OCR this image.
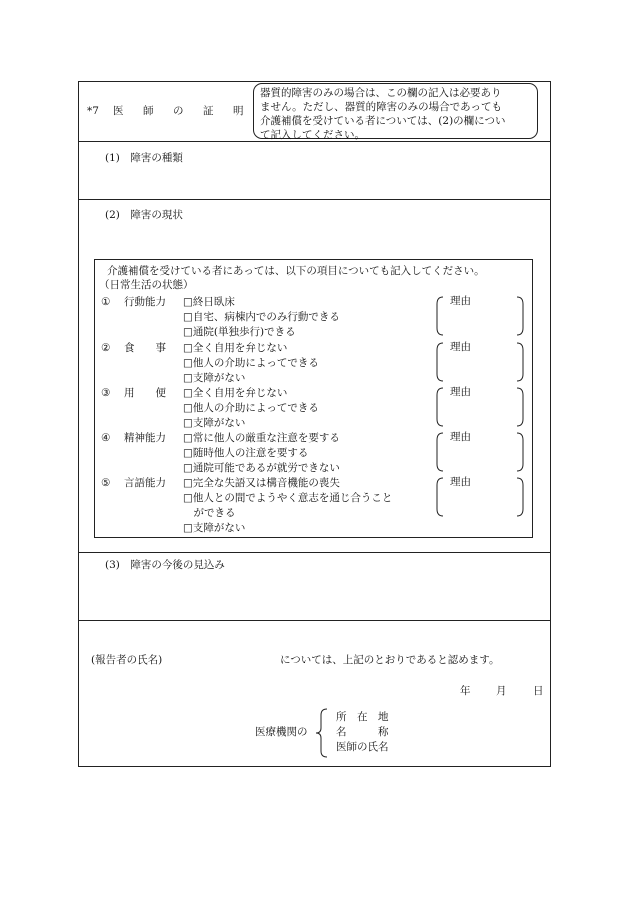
*7 医 師 の 証 明
器質的障害のみの場合は、この欄の記入は必要あり
ません。ただし、器質的障害のみの場合であっても
介護補償を受けている者については、(2)の欄につい
て記入してください。
(1)　障害の種類
(2)　障害の現状
介護補償を受けている者にあっては、以下の項目についても記入してください。
（日常生活の状態）
① 行動能力 □終日臥床
□自宅、病棟内でのみ行動できる
□通院(単独歩行)できる
② 食　　事 □全く自用を弁じない
□他人の介助によってできる
□支障がない
③ 用　　便 □全く自用を弁じない
□他人の介助によってできる
□支障がない
④ 精神能力 □常に他人の厳重な注意を要する
□随時他人の注意を要する
□通院可能であるが就労できない
⑤ 言語能力 □完全な失語又は構音機能の喪失
□他人との間でようやく意志を通じ合うこと
　ができる
□支障がない
理由
理由
理由
理由
理由
(3)　障害の今後の見込み
(報告者の氏名)	については、上記のとおりであると認めます。
年 月	日
医療機関の
所　在　地
名　　　称
医師の氏名
